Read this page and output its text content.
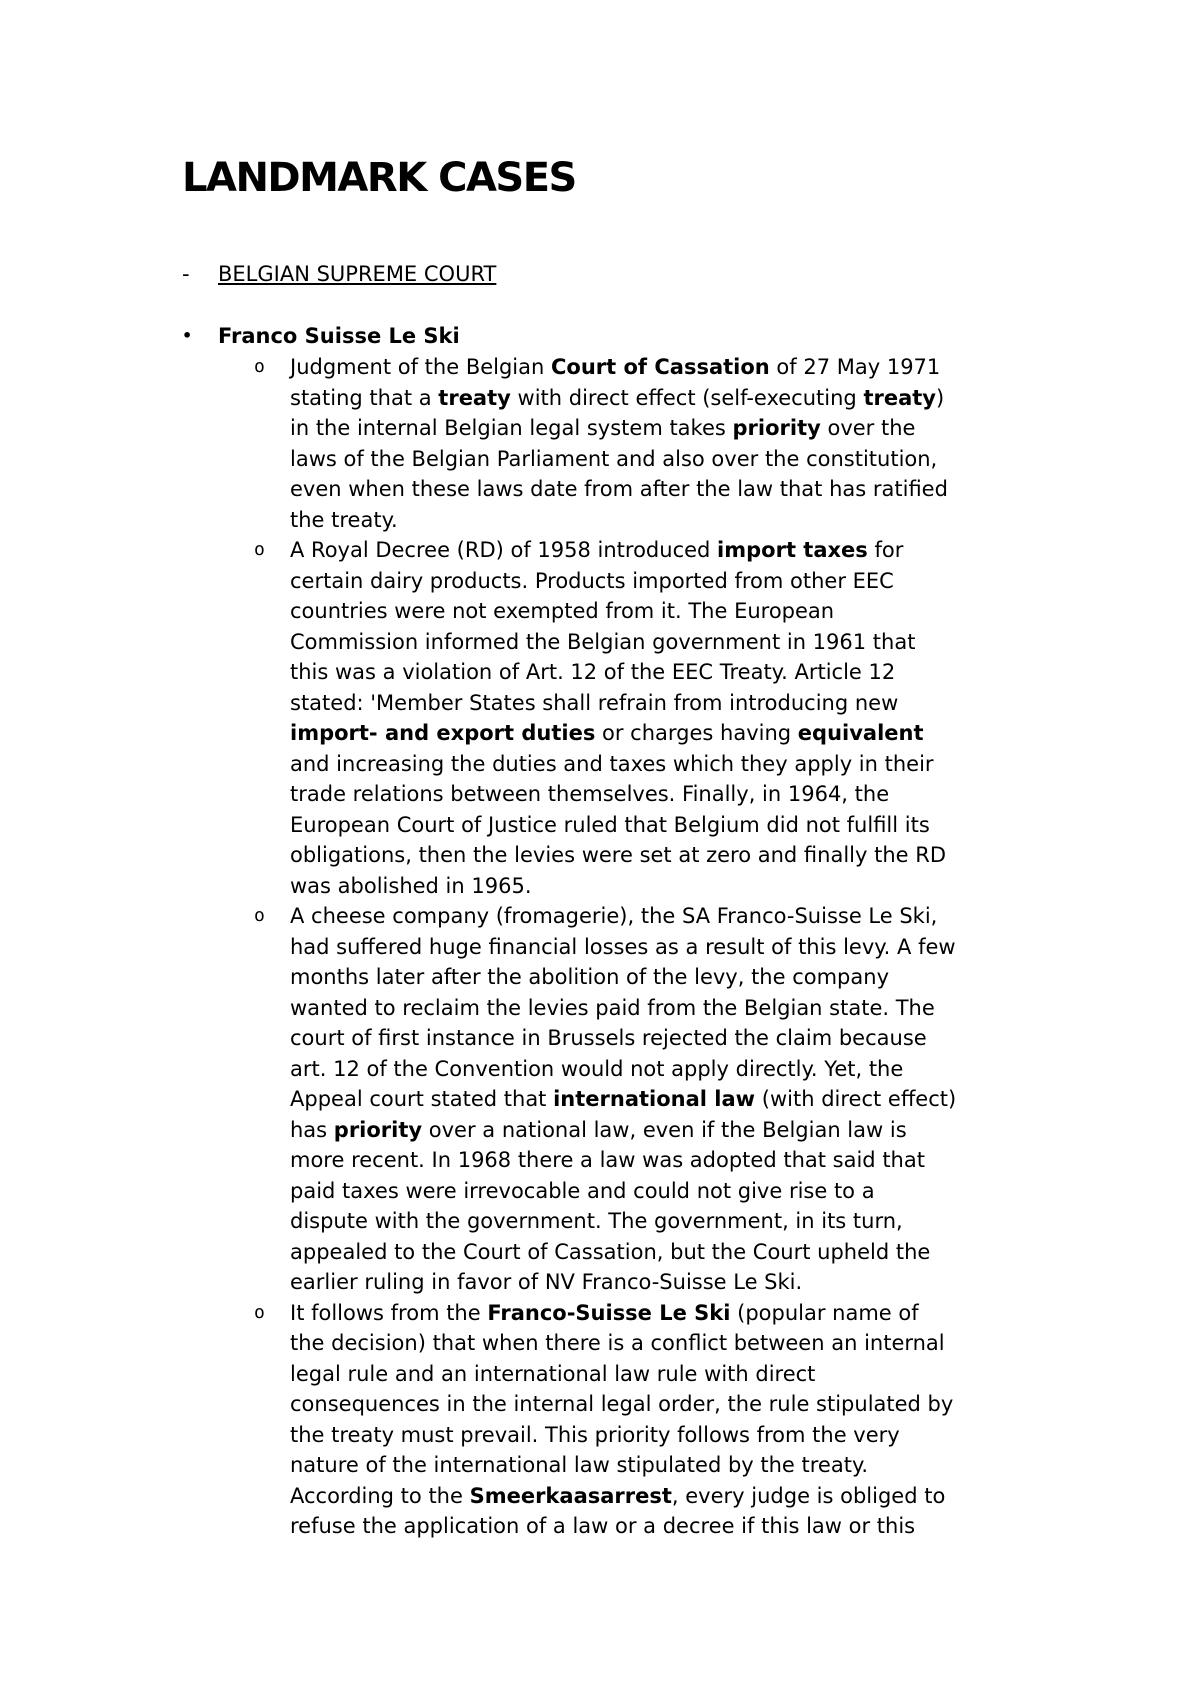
LANDMARK CASES
- BELGIAN SUPREME COURT
• Franco Suisse Le Ski
o Judgment of the Belgian Court of Cassation of 27 May 1971
stating that a treaty with direct effect (self-executing treaty)
in the internal Belgian legal system takes priority over the
laws of the Belgian Parliament and also over the constitution,
even when these laws date from after the law that has ratified
the treaty.
o A Royal Decree (RD) of 1958 introduced import taxes for
certain dairy products. Products imported from other EEC
countries were not exempted from it. The European
Commission informed the Belgian government in 1961 that
this was a violation of Art. 12 of the EEC Treaty. Article 12
stated: 'Member States shall refrain from introducing new
import- and export duties or charges having equivalent
and increasing the duties and taxes which they apply in their
trade relations between themselves. Finally, in 1964, the
European Court of Justice ruled that Belgium did not fulfill its
obligations, then the levies were set at zero and finally the RD
was abolished in 1965.
o A cheese company (fromagerie), the SA Franco-Suisse Le Ski,
had suffered huge financial losses as a result of this levy. A few
months later after the abolition of the levy, the company
wanted to reclaim the levies paid from the Belgian state. The
court of first instance in Brussels rejected the claim because
art. 12 of the Convention would not apply directly. Yet, the
Appeal court stated that international law (with direct effect)
has priority over a national law, even if the Belgian law is
more recent. In 1968 there a law was adopted that said that
paid taxes were irrevocable and could not give rise to a
dispute with the government. The government, in its turn,
appealed to the Court of Cassation, but the Court upheld the
earlier ruling in favor of NV Franco-Suisse Le Ski.
o It follows from the Franco-Suisse Le Ski (popular name of
the decision) that when there is a conflict between an internal
legal rule and an international law rule with direct
consequences in the internal legal order, the rule stipulated by
the treaty must prevail. This priority follows from the very
nature of the international law stipulated by the treaty.
According to the Smeerkaasarrest, every judge is obliged to
refuse the application of a law or a decree if this law or this
